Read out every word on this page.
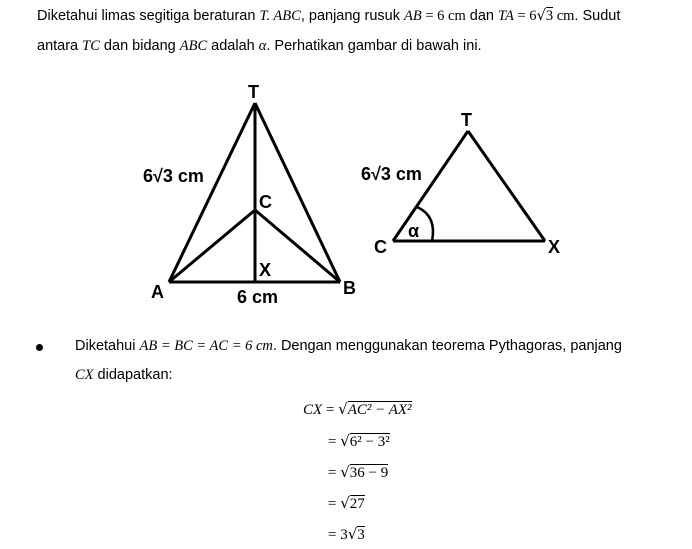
Diketahui limas segitiga beraturan T. ABC, panjang rusuk AB = 6 cm dan TA = 6√3 cm. Sudut
antara TC dan bidang ABC adalah α. Perhatikan gambar di bawah ini.
T
A	B
C
X
6√3 cm
6 cm
T
C	X
6√3 cm
α
Diketahui AB = BC = AC = 6 cm. Dengan menggunakan teorema Pythagoras, panjang
CX didapatkan:
CX = √AC² − AX²
= √6² − 3²
= √36 − 9
= √27
= 3√3
